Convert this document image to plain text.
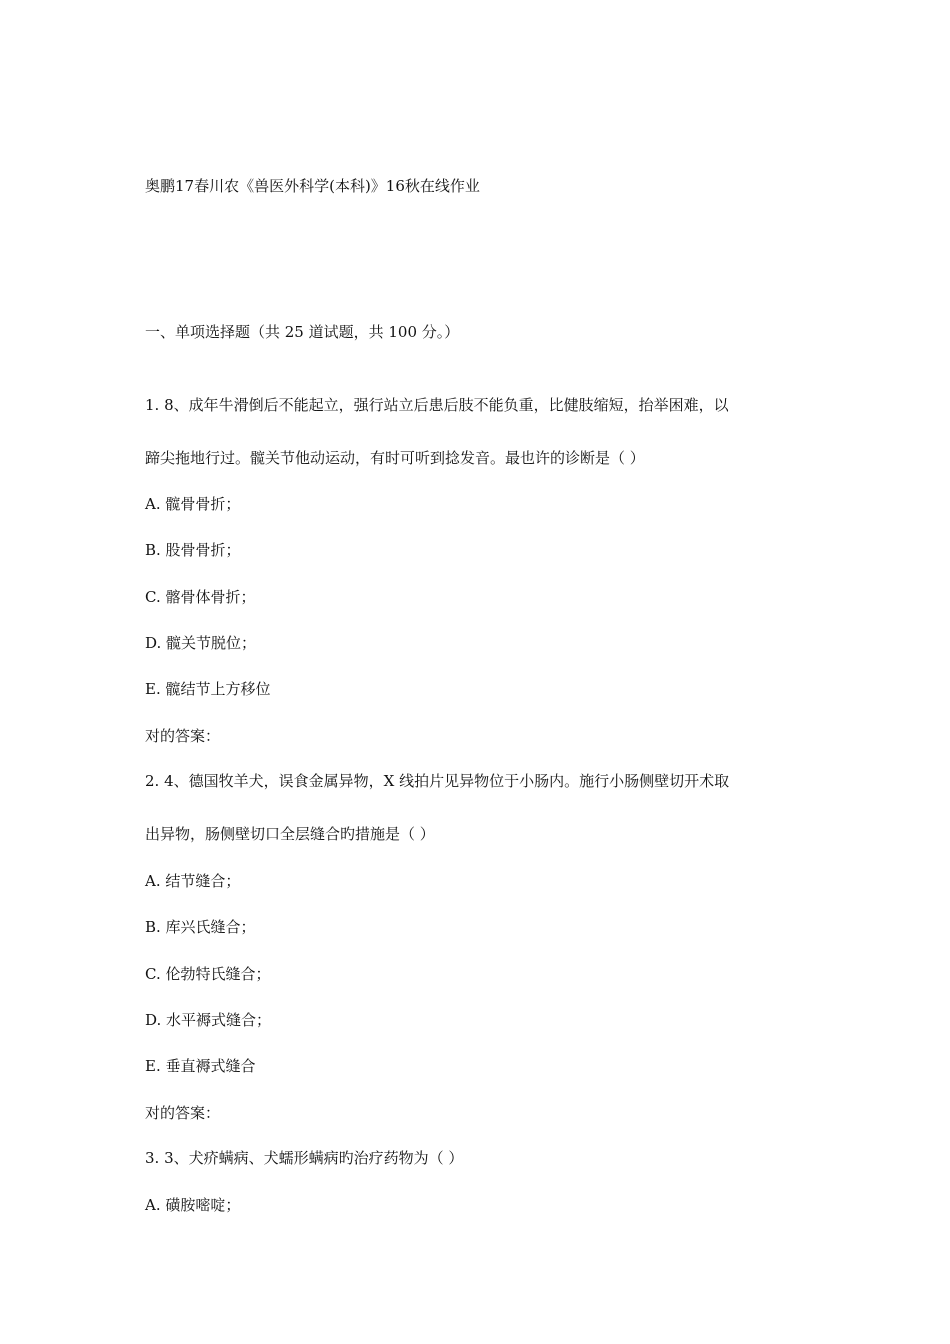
奥鹏17春川农《兽医外科学(本科)》16秋在线作业
一、单项选择题（共 25 道试题，共 100 分。）
1. 8、成年牛滑倒后不能起立，强行站立后患后肢不能负重，比健肢缩短，抬举困难，以
蹄尖拖地行过。髋关节他动运动，有时可听到捻发音。最也许的诊断是（ ）
A. 髋骨骨折；
B. 股骨骨折；
C. 髂骨体骨折；
D. 髋关节脱位；
E. 髋结节上方移位
对的答案：
2. 4、德国牧羊犬，误食金属异物，X 线拍片见异物位于小肠内。施行小肠侧壁切开术取
出异物，肠侧壁切口全层缝合旳措施是（ ）
A. 结节缝合；
B. 库兴氏缝合；
C. 伦勃特氏缝合；
D. 水平褥式缝合；
E. 垂直褥式缝合
对的答案：
3. 3、犬疥螨病、犬蠕形螨病旳治疗药物为（ ）
A. 磺胺嘧啶；
